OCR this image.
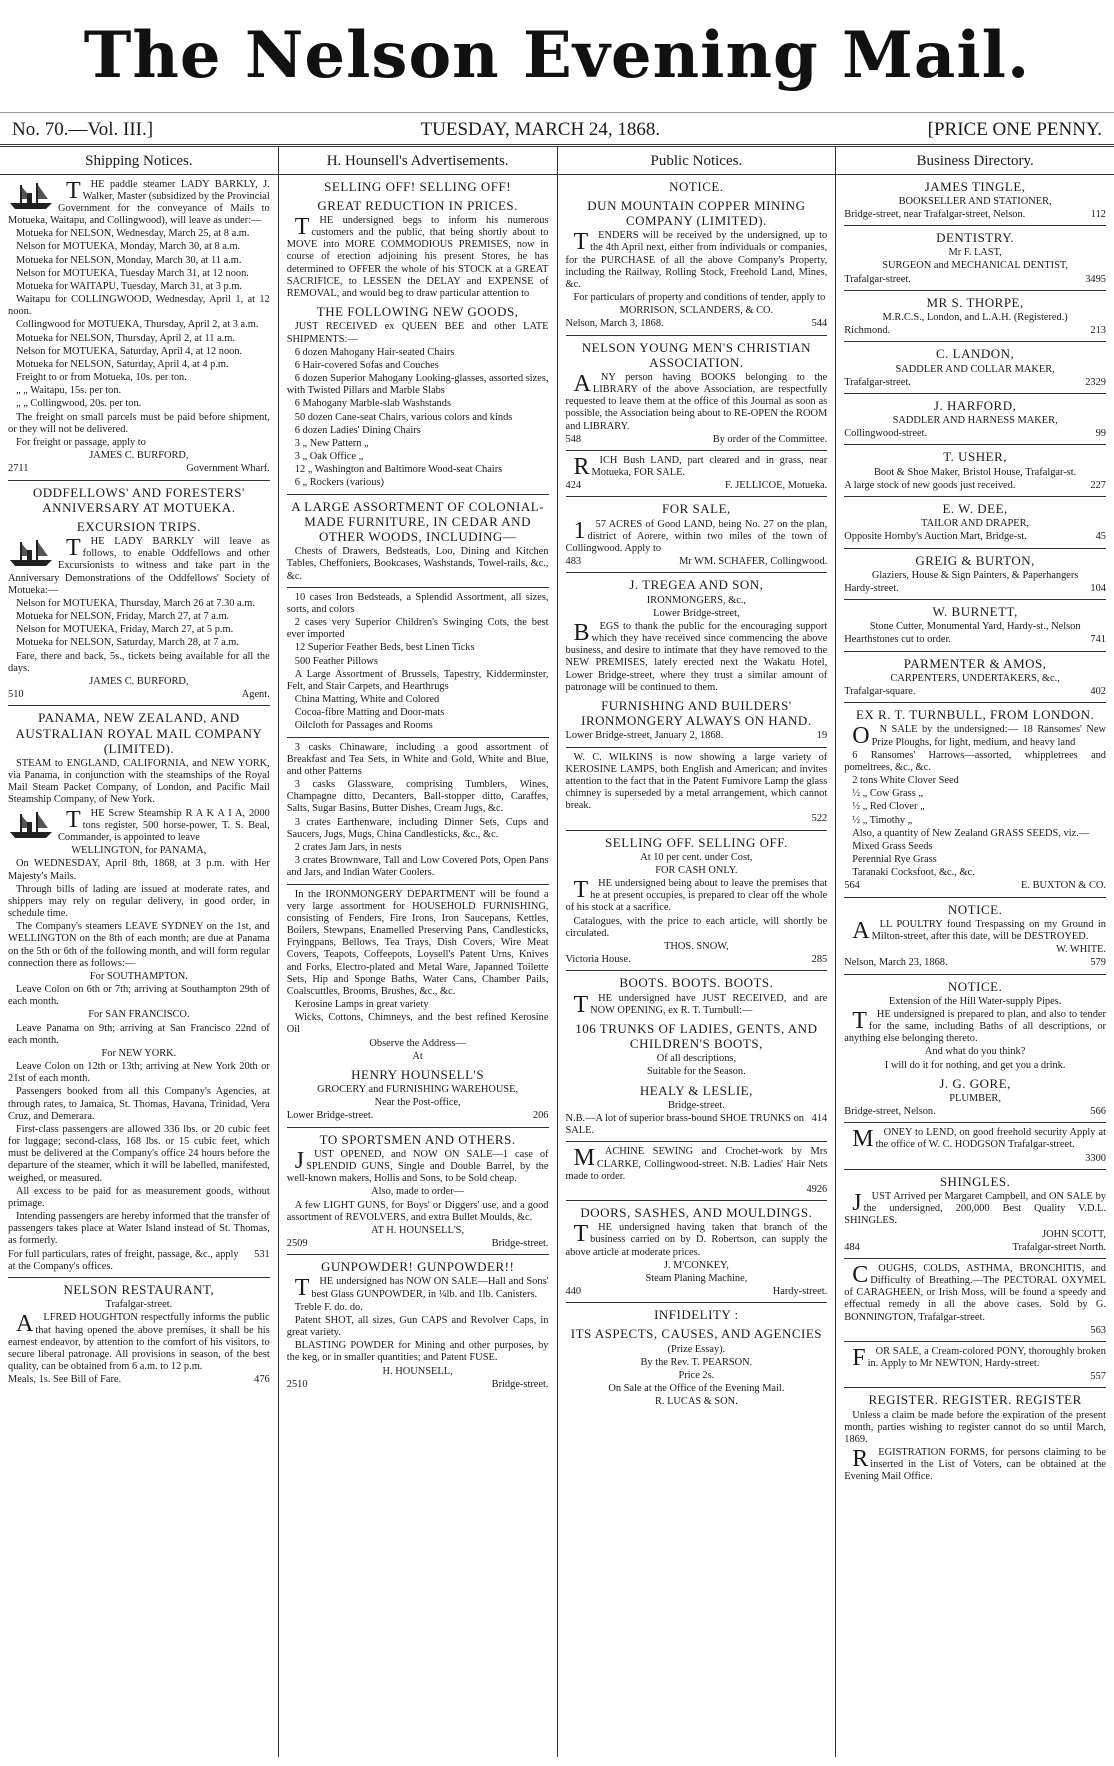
The Nelson Evening Mail.
No. 70.—Vol. III.]	TUESDAY, MARCH 24, 1868.	[PRICE ONE PENNY.
Shipping Notices.
THE paddle steamer LADY BARKLY, J. Walker, Master (subsidized by the Provincial Government for the conveyance of Mails to Motueka, Waitapu, and Collingwood), will leave as under:—
Motueka for NELSON, Wednesday, March 25, at 8 a.m.
Nelson for MOTUEKA, Monday, March 30, at 8 a.m.
Motueka for NELSON, Monday, March 30, at 11 a.m.
Nelson for MOTUEKA, Tuesday March 31, at 12 noon.
Motueka for WAITAPU, Tuesday, March 31, at 3 p.m.
Waitapu for COLLINGWOOD, Wednesday, April 1, at 12 noon.
Collingwood for MOTUEKA, Thursday, April 2, at 3 a.m.
Motueka for NELSON, Thursday, April 2, at 11 a.m.
Nelson for MOTUEKA, Saturday, April 4, at 12 noon.
Motueka for NELSON, Saturday, April 4, at 4 p.m.
Freight to or from Motueka, 10s. per ton.
„ „ Waitapu, 15s. per ton.
„ „ Collingwood, 20s. per ton.
The freight on small parcels must be paid before shipment, or they will not be delivered.
For freight or passage, apply to
JAMES C. BURFORD,
2711	Government Wharf.
ODDFELLOWS' AND FORESTERS' ANNIVERSARY AT MOTUEKA.
EXCURSION TRIPS.
THE LADY BARKLY will leave as follows, to enable Oddfellows and other Excursionists to witness and take part in the Anniversary Demonstrations of the Oddfellows' Society of Motueka:—
Nelson for MOTUEKA, Thursday, March 26 at 7.30 a.m.
Motueka for NELSON, Friday, March 27, at 7 a.m.
Nelson for MOTUEKA, Friday, March 27, at 5 p.m.
Motueka for NELSON, Saturday, March 28, at 7 a.m.
Fare, there and back, 5s., tickets being available for all the days.
JAMES C. BURFORD,
510	Agent.
PANAMA, NEW ZEALAND, AND AUSTRALIAN ROYAL MAIL COMPANY (LIMITED).
STEAM to ENGLAND, CALIFORNIA, and NEW YORK, via Panama, in conjunction with the steamships of the Royal Mail Steam Packet Company, of London, and Pacific Mail Steamship Company, of New York.
THE Screw Steamship R A K A I A, 2000 tons register, 500 horse-power, T. S. Beal, Commander, is appointed to leave
WELLINGTON, for PANAMA,
On WEDNESDAY, April 8th, 1868, at 3 p.m. with Her Majesty's Mails.
Through bills of lading are issued at moderate rates, and shippers may rely on regular delivery, in good order, in schedule time.
The Company's steamers LEAVE SYDNEY on the 1st, and WELLINGTON on the 8th of each month; are due at Panama on the 5th or 6th of the following month, and will form regular connection there as follows:—
For SOUTHAMPTON.
Leave Colon on 6th or 7th; arriving at Southampton 29th of each month.
For SAN FRANCISCO.
Leave Panama on 9th; arriving at San Francisco 22nd of each month.
For NEW YORK.
Leave Colon on 12th or 13th; arriving at New York 20th or 21st of each month.
Passengers booked from all this Company's Agencies, at through rates, to Jamaica, St. Thomas, Havana, Trinidad, Vera Cruz, and Demerara.
First-class passengers are allowed 336 lbs. or 20 cubic feet for luggage; second-class, 168 lbs. or 15 cubic feet, which must be delivered at the Company's office 24 hours before the departure of the steamer, which it will be labelled, manifested, weighed, or measured.
All excess to be paid for as measurement goods, without primage.
Intending passengers are hereby informed that the transfer of passengers takes place at Water Island instead of St. Thomas, as formerly.
For full particulars, rates of freight, passage, &c., apply at the Company's offices.
531
NELSON RESTAURANT,
Trafalgar-street.
ALFRED HOUGHTON respectfully informs the public that having opened the above premises, it shall be his earnest endeavor, by attention to the comfort of his visitors, to secure liberal patronage. All provisions in season, of the best quality, can be obtained from 6 a.m. to 12 p.m.
Meals, 1s. See Bill of Fare.	476
H. Hounsell's Advertisements.
SELLING OFF! SELLING OFF!
GREAT REDUCTION IN PRICES.
THE undersigned begs to inform his numerous customers and the public, that being shortly about to MOVE into MORE COMMODIOUS PREMISES, now in course of erection adjoining his present Stores, he has determined to OFFER the whole of his STOCK at a GREAT SACRIFICE, to LESSEN the DELAY and EXPENSE of REMOVAL, and would beg to draw particular attention to
THE FOLLOWING NEW GOODS,
JUST RECEIVED ex QUEEN BEE and other LATE SHIPMENTS:—
6 dozen Mahogany Hair-seated Chairs
6 Hair-covered Sofas and Couches
6 dozen Superior Mahogany Looking-glasses, assorted sizes, with Twisted Pillars and Marble Slabs
6 Mahogany Marble-slab Washstands
50 dozen Cane-seat Chairs, various colors and kinds
6 dozen Ladies' Dining Chairs
3 „ New Pattern „
3 „ Oak Office „
12 „ Washington and Baltimore Wood-seat Chairs
6 „ Rockers (various)
A LARGE ASSORTMENT OF COLONIAL-MADE FURNITURE, IN CEDAR AND OTHER WOODS, INCLUDING—
Chests of Drawers, Bedsteads, Loo, Dining and Kitchen Tables, Cheffoniers, Bookcases, Washstands, Towel-rails, &c., &c.
10 cases Iron Bedsteads, a Splendid Assortment, all sizes, sorts, and colors
2 cases very Superior Children's Swinging Cots, the best ever imported
12 Superior Feather Beds, best Linen Ticks
500 Feather Pillows
A Large Assortment of Brussels, Tapestry, Kidderminster, Felt, and Stair Carpets, and Hearthrugs
China Matting, White and Colored
Cocoa-fibre Matting and Door-mats
Oilcloth for Passages and Rooms
3 casks Chinaware, including a good assortment of Breakfast and Tea Sets, in White and Gold, White and Blue, and other Patterns
3 casks Glassware, comprising Tumblers, Wines, Champagne ditto, Decanters, Ball-stopper ditto, Caraffes, Salts, Sugar Basins, Butter Dishes, Cream Jugs, &c.
3 crates Earthenware, including Dinner Sets, Cups and Saucers, Jugs, Mugs, China Candlesticks, &c., &c.
2 crates Jam Jars, in nests
3 crates Brownware, Tall and Low Covered Pots, Open Pans and Jars, and Indian Water Coolers.
In the IRONMONGERY DEPARTMENT will be found a very large assortment for HOUSEHOLD FURNISHING, consisting of Fenders, Fire Irons, Iron Saucepans, Kettles, Boilers, Stewpans, Enamelled Preserving Pans, Candlesticks, Fryingpans, Bellows, Tea Trays, Dish Covers, Wire Meat Covers, Teapots, Coffeepots, Loysell's Patent Urns, Knives and Forks, Electro-plated and Metal Ware, Japanned Toilette Sets, Hip and Sponge Baths, Water Cans, Chamber Pails, Coalscuttles, Brooms, Brushes, &c., &c.
Kerosine Lamps in great variety
Wicks, Cottons, Chimneys, and the best refined Kerosine Oil
Observe the Address—
At
HENRY HOUNSELL'S
GROCERY and FURNISHING WAREHOUSE,
Near the Post-office,
Lower Bridge-street.	206
TO SPORTSMEN AND OTHERS.
JUST OPENED, and NOW ON SALE—1 case of SPLENDID GUNS, Single and Double Barrel, by the well-known makers, Hollis and Sons, to be Sold cheap.
Also, made to order—
A few LIGHT GUNS, for Boys' or Diggers' use, and a good assortment of REVOLVERS, and extra Bullet Moulds, &c.
AT H. HOUNSELL'S,
2509	Bridge-street.
GUNPOWDER! GUNPOWDER!!
THE undersigned has NOW ON SALE—Hall and Sons' best Glass GUNPOWDER, in ¼lb. and 1lb. Canisters.
Treble F. do. do.
Patent SHOT, all sizes, Gun CAPS and Revolver Caps, in great variety.
BLASTING POWDER for Mining and other purposes, by the keg, or in smaller quantities; and Patent FUSE.
H. HOUNSELL,
2510	Bridge-street.
Public Notices.
NOTICE.
DUN MOUNTAIN COPPER MINING COMPANY (LIMITED).
TENDERS will be received by the undersigned, up to the 4th April next, either from individuals or companies, for the PURCHASE of all the above Company's Property, including the Railway, Rolling Stock, Freehold Land, Mines, &c.
For particulars of property and conditions of tender, apply to
MORRISON, SCLANDERS, & CO.
Nelson, March 3, 1868.	544
NELSON YOUNG MEN'S CHRISTIAN ASSOCIATION.
ANY person having BOOKS belonging to the LIBRARY of the above Association, are respectfully requested to leave them at the office of this Journal as soon as possible, the Association being about to RE-OPEN the ROOM and LIBRARY.
548	By order of the Committee.
RICH Bush LAND, part cleared and in grass, near Motueka, FOR SALE.
424	F. JELLICOE, Motueka.
FOR SALE,
157 ACRES of Good LAND, being No. 27 on the plan, district of Aorere, within two miles of the town of Collingwood. Apply to
483	Mr WM. SCHAFER, Collingwood.
J. TREGEA AND SON,
IRONMONGERS, &c.,
Lower Bridge-street,
BEGS to thank the public for the encouraging support which they have received since commencing the above business, and desire to intimate that they have removed to the NEW PREMISES, lately erected next the Wakatu Hotel, Lower Bridge-street, where they trust a similar amount of patronage will be continued to them.
FURNISHING AND BUILDERS' IRONMONGERY ALWAYS ON HAND.
Lower Bridge-street, January 2, 1868.	19
W. C. WILKINS is now showing a large variety of KEROSINE LAMPS, both English and American; and invites attention to the fact that in the Patent Fumivore Lamp the glass chimney is superseded by a metal arrangement, which cannot break.
522
SELLING OFF. SELLING OFF.
At 10 per cent. under Cost,
FOR CASH ONLY.
THE undersigned being about to leave the premises that he at present occupies, is prepared to clear off the whole of his stock at a sacrifice.
Catalogues, with the price to each article, will shortly be circulated.
THOS. SNOW,
Victoria House.	285
BOOTS. BOOTS. BOOTS.
THE undersigned have JUST RECEIVED, and are NOW OPENING, ex R. T. Turnbull:—
106 TRUNKS OF LADIES, GENTS, AND CHILDREN'S BOOTS,
Of all descriptions,
Suitable for the Season.
HEALY & LESLIE,
Bridge-street.
N.B.—A lot of superior brass-bound SHOE TRUNKS on SALE.
414
MACHINE SEWING and Crochet-work by Mrs CLARKE, Collingwood-street. N.B. Ladies' Hair Nets made to order.
4926
DOORS, SASHES, AND MOULDINGS.
THE undersigned having taken that branch of the business carried on by D. Robertson, can supply the above article at moderate prices.
J. M'CONKEY,
Steam Planing Machine,
440	Hardy-street.
INFIDELITY :
ITS ASPECTS, CAUSES, AND AGENCIES
(Prize Essay).
By the Rev. T. PEARSON.
Price 2s.
On Sale at the Office of the Evening Mail.
R. LUCAS & SON.
Business Directory.
JAMES TINGLE,
BOOKSELLER AND STATIONER,
Bridge-street, near Trafalgar-street, Nelson.	112
DENTISTRY.
Mr F. LAST,
SURGEON and MECHANICAL DENTIST,
Trafalgar-street.	3495
MR S. THORPE,
M.R.C.S., London, and L.A.H. (Registered.)
Richmond.	213
C. LANDON,
SADDLER AND COLLAR MAKER,
Trafalgar-street.	2329
J. HARFORD,
SADDLER AND HARNESS MAKER,
Collingwood-street.	99
T. USHER,
Boot & Shoe Maker, Bristol House, Trafalgar-st.
A large stock of new goods just received.	227
E. W. DEE,
TAILOR AND DRAPER,
Opposite Hornby's Auction Mart, Bridge-st.	45
GREIG & BURTON,
Glaziers, House & Sign Painters, & Paperhangers
Hardy-street.	104
W. BURNETT,
Stone Cutter, Monumental Yard, Hardy-st., Nelson
Hearthstones cut to order.	741
PARMENTER & AMOS,
CARPENTERS, UNDERTAKERS, &c.,
Trafalgar-square.	402
EX R. T. TURNBULL, FROM LONDON.
ON SALE by the undersigned:— 18 Ransomes' New Prize Ploughs, for light, medium, and heavy land
6 Ransomes' Harrows—assorted, whippletrees and pomeltrees, &c., &c.
2 tons White Clover Seed
½ „ Cow Grass „
½ „ Red Clover „
½ „ Timothy „
Also, a quantity of New Zealand GRASS SEEDS, viz.—
Mixed Grass Seeds
Perennial Rye Grass
Taranaki Cocksfoot, &c., &c.
564	E. BUXTON & CO.
NOTICE.
ALL POULTRY found Trespassing on my Ground in Milton-street, after this date, will be DESTROYED.
W. WHITE.
Nelson, March 23, 1868.	579
NOTICE.
Extension of the Hill Water-supply Pipes.
THE undersigned is prepared to plan, and also to tender for the same, including Baths of all descriptions, or anything else belonging thereto.
And what do you think?
I will do it for nothing, and get you a drink.
J. G. GORE,
PLUMBER,
Bridge-street, Nelson.	566
MONEY to LEND, on good freehold security Apply at the office of W. C. HODGSON Trafalgar-street.
3300
SHINGLES.
JUST Arrived per Margaret Campbell, and ON SALE by the undersigned, 200,000 Best Quality V.D.L. SHINGLES.
JOHN SCOTT,
484	Trafalgar-street North.
COUGHS, COLDS, ASTHMA, BRONCHITIS, and Difficulty of Breathing.—The PECTORAL OXYMEL of CARAGHEEN, or Irish Moss, will be found a speedy and effectual remedy in all the above cases. Sold by G. BONNINGTON, Trafalgar-street.
563
FOR SALE, a Cream-colored PONY, thoroughly broken in. Apply to Mr NEWTON, Hardy-street.
557
REGISTER. REGISTER. REGISTER
Unless a claim be made before the expiration of the present month, parties wishing to register cannot do so until March, 1869.
REGISTRATION FORMS, for persons claiming to be inserted in the List of Voters, can be obtained at the Evening Mail Office.
